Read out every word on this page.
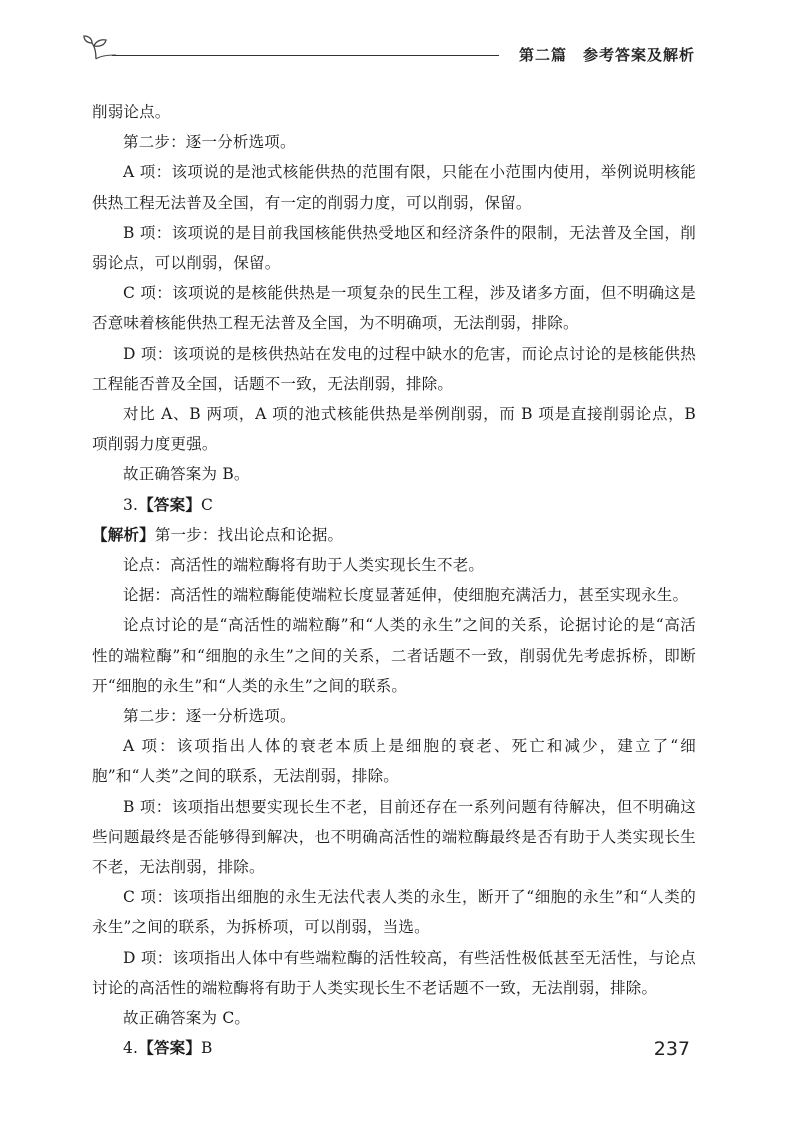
第二篇 参考答案及解析

削弱论点。

第二步：逐一分析选项。

A 项：该项说的是池式核能供热的范围有限，只能在小范围内使用，举例说明核能供热工程无法普及全国，有一定的削弱力度，可以削弱，保留。

B 项：该项说的是目前我国核能供热受地区和经济条件的限制，无法普及全国，削弱论点，可以削弱，保留。

C 项：该项说的是核能供热是一项复杂的民生工程，涉及诸多方面，但不明确这是否意味着核能供热工程无法普及全国，为不明确项，无法削弱，排除。

D 项：该项说的是核供热站在发电的过程中缺水的危害，而论点讨论的是核能供热工程能否普及全国，话题不一致，无法削弱，排除。

对比 A、B 两项，A 项的池式核能供热是举例削弱，而 B 项是直接削弱论点，B 项削弱力度更强。

故正确答案为 B。

3.【答案】C

【解析】第一步：找出论点和论据。

论点：高活性的端粒酶将有助于人类实现长生不老。

论据：高活性的端粒酶能使端粒长度显著延伸，使细胞充满活力，甚至实现永生。

论点讨论的是“高活性的端粒酶”和“人类的永生”之间的关系，论据讨论的是“高活性的端粒酶”和“细胞的永生”之间的关系，二者话题不一致，削弱优先考虑拆桥，即断开“细胞的永生”和“人类的永生”之间的联系。

第二步：逐一分析选项。

A 项：该项指出人体的衰老本质上是细胞的衰老、死亡和减少，建立了“细胞”和“人类”之间的联系，无法削弱，排除。

B 项：该项指出想要实现长生不老，目前还存在一系列问题有待解决，但不明确这些问题最终是否能够得到解决，也不明确高活性的端粒酶最终是否有助于人类实现长生不老，无法削弱，排除。

C 项：该项指出细胞的永生无法代表人类的永生，断开了“细胞的永生”和“人类的永生”之间的联系，为拆桥项，可以削弱，当选。

D 项：该项指出人体中有些端粒酶的活性较高，有些活性极低甚至无活性，与论点讨论的高活性的端粒酶将有助于人类实现长生不老话题不一致，无法削弱，排除。

故正确答案为 C。

4.【答案】B	237
